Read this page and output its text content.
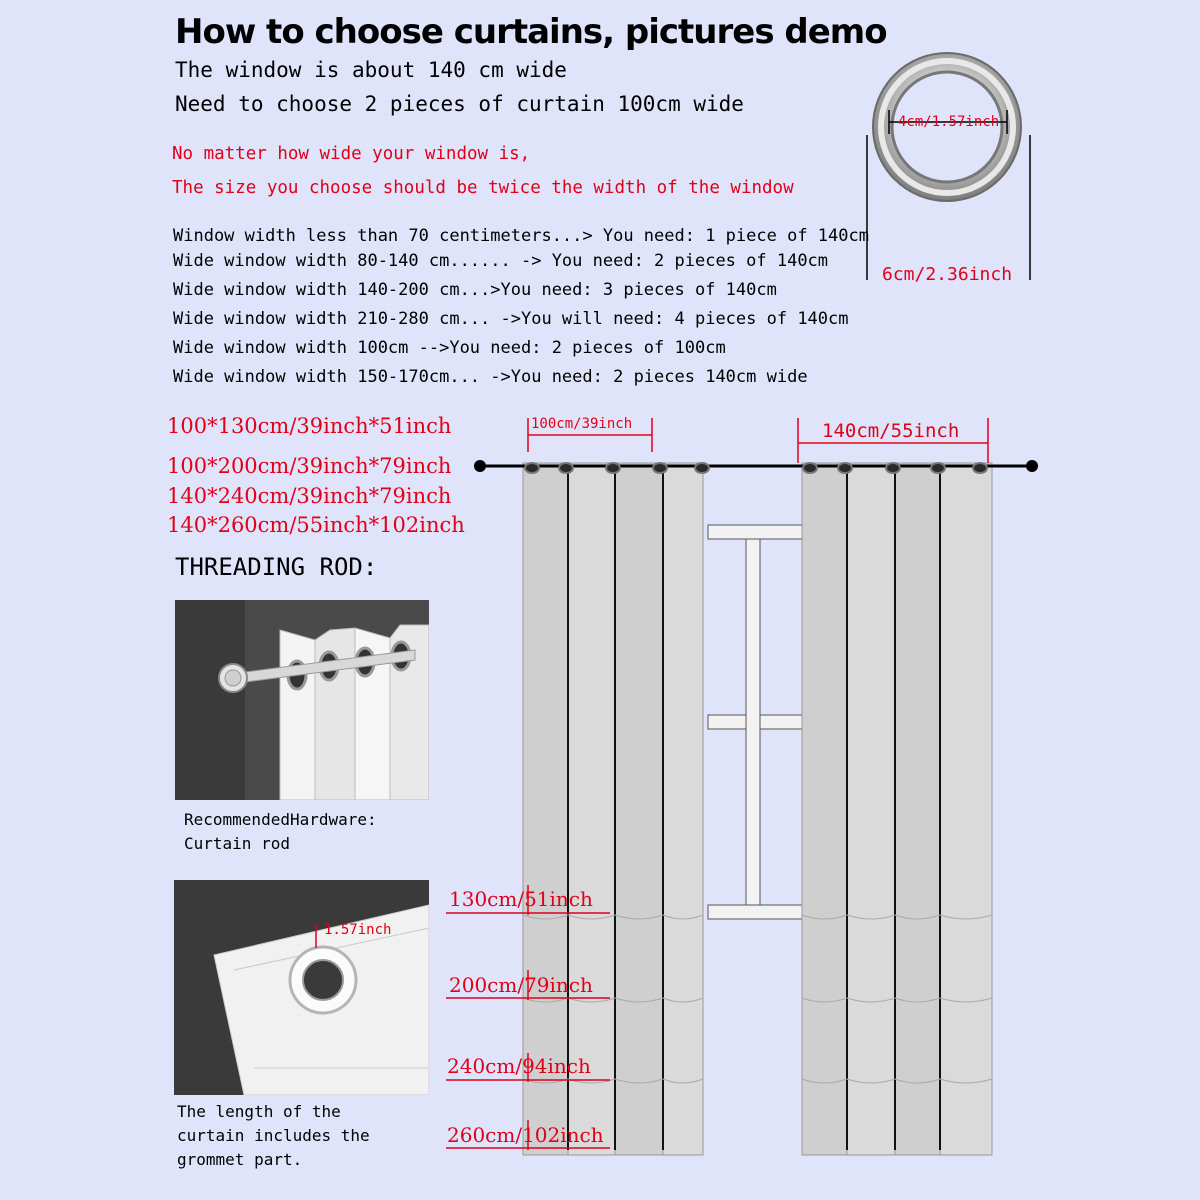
How to choose curtains, pictures demo
The window is about 140 cm wide
Need to choose 2 pieces of curtain 100cm wide
No matter how wide your window is,
The size you choose should be twice the width of the window
Window width less than 70 centimeters...> You need: 1 piece of 140cm
Wide window width 80-140 cm...... -> You need: 2 pieces of 140cm
Wide window width 140-200 cm...>You need: 3 pieces of 140cm
Wide window width 210-280 cm... ->You will need: 4 pieces of 140cm
Wide window width 100cm -->You need: 2 pieces of 100cm
Wide window width 150-170cm... ->You need: 2 pieces 140cm wide
4cm/1.57inch
6cm/2.36inch
100*130cm/39inch*51inch
100*200cm/39inch*79inch
140*240cm/39inch*79inch
140*260cm/55inch*102inch
THREADING ROD:
RecommendedHardware:
Curtain rod
1.57inch
The length of the
curtain includes the
grommet part.
100cm/39inch	140cm/55inch
130cm/51inch
200cm/79inch
240cm/94inch
260cm/102inch
